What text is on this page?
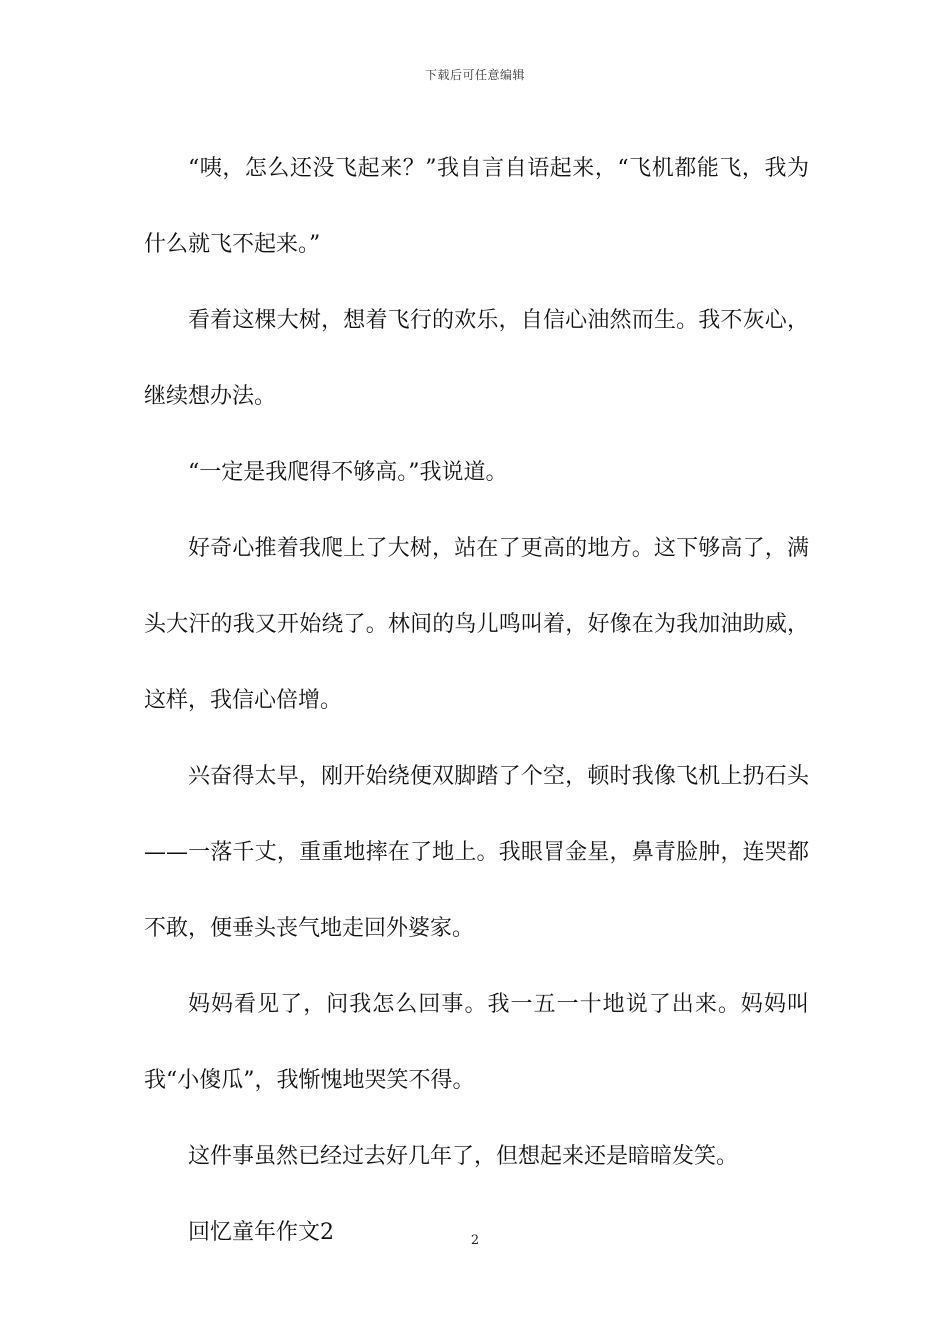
下载后可任意编辑

“咦，怎么还没飞起来？”我自言自语起来，“飞机都能飞，我为什么就飞不起来。”

看着这棵大树，想着飞行的欢乐，自信心油然而生。我不灰心，继续想办法。

“一定是我爬得不够高。”我说道。

好奇心推着我爬上了大树，站在了更高的地方。这下够高了，满头大汗的我又开始绕了。林间的鸟儿鸣叫着，好像在为我加油助威，这样，我信心倍增。

兴奋得太早，刚开始绕便双脚踏了个空，顿时我像飞机上扔石头——一落千丈，重重地摔在了地上。我眼冒金星，鼻青脸肿，连哭都不敢，便垂头丧气地走回外婆家。

妈妈看见了，问我怎么回事。我一五一十地说了出来。妈妈叫我“小傻瓜”，我惭愧地哭笑不得。

这件事虽然已经过去好几年了，但想起来还是暗暗发笑。

回忆童年作文2	2
